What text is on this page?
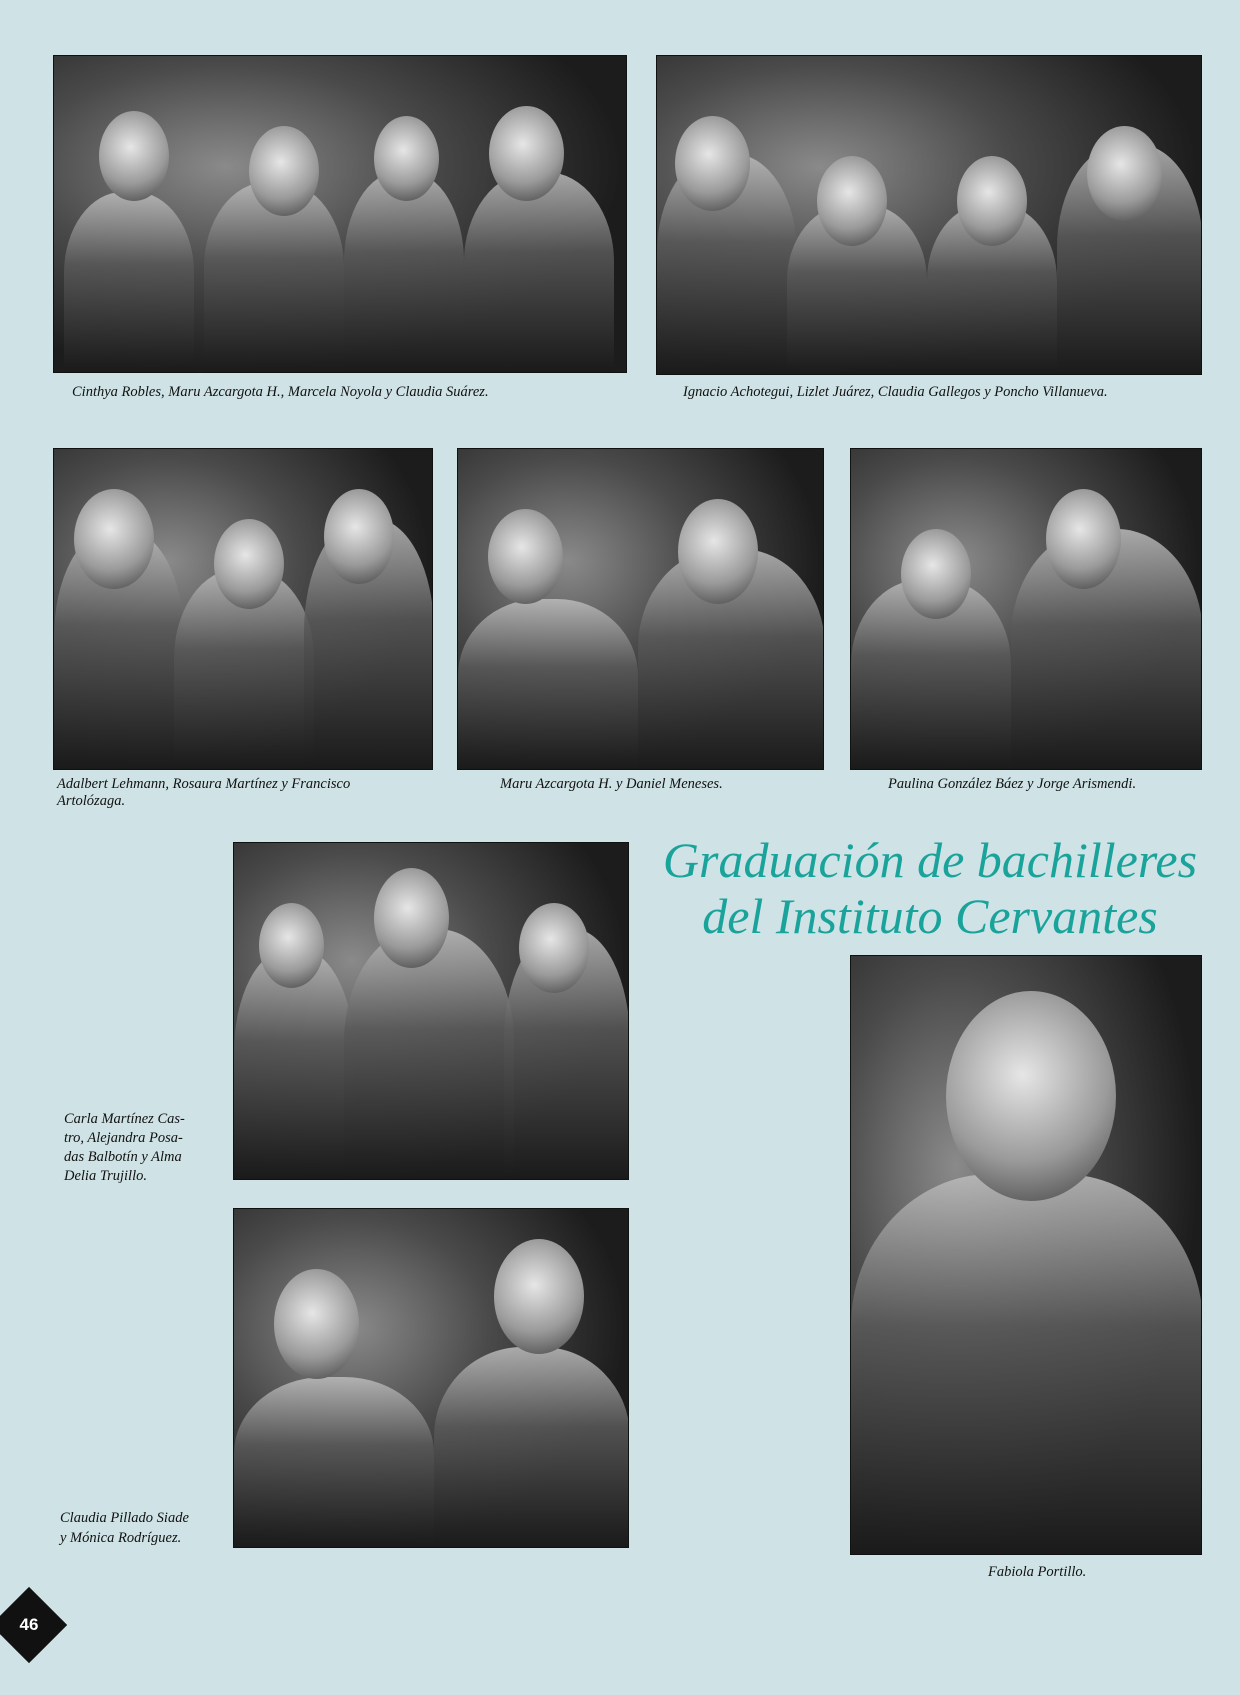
Cinthya Robles, Maru Azcargota H., Marcela Noyola y Claudia Suárez.	Ignacio Achotegui, Lizlet Juárez, Claudia Gallegos y Poncho Villanueva.
Adalbert Lehmann, Rosaura Martínez y Francisco
Artolózaga.
Maru Azcargota H. y Daniel Meneses.	Paulina González Báez y Jorge Arismendi.
Graduación de bachilleres
del Instituto Cervantes
Carla Martínez Cas-
tro, Alejandra Posa-
das Balbotín y Alma
Delia Trujillo.
Claudia Pillado Siade
y Mónica Rodríguez.
Fabiola Portillo.
46
